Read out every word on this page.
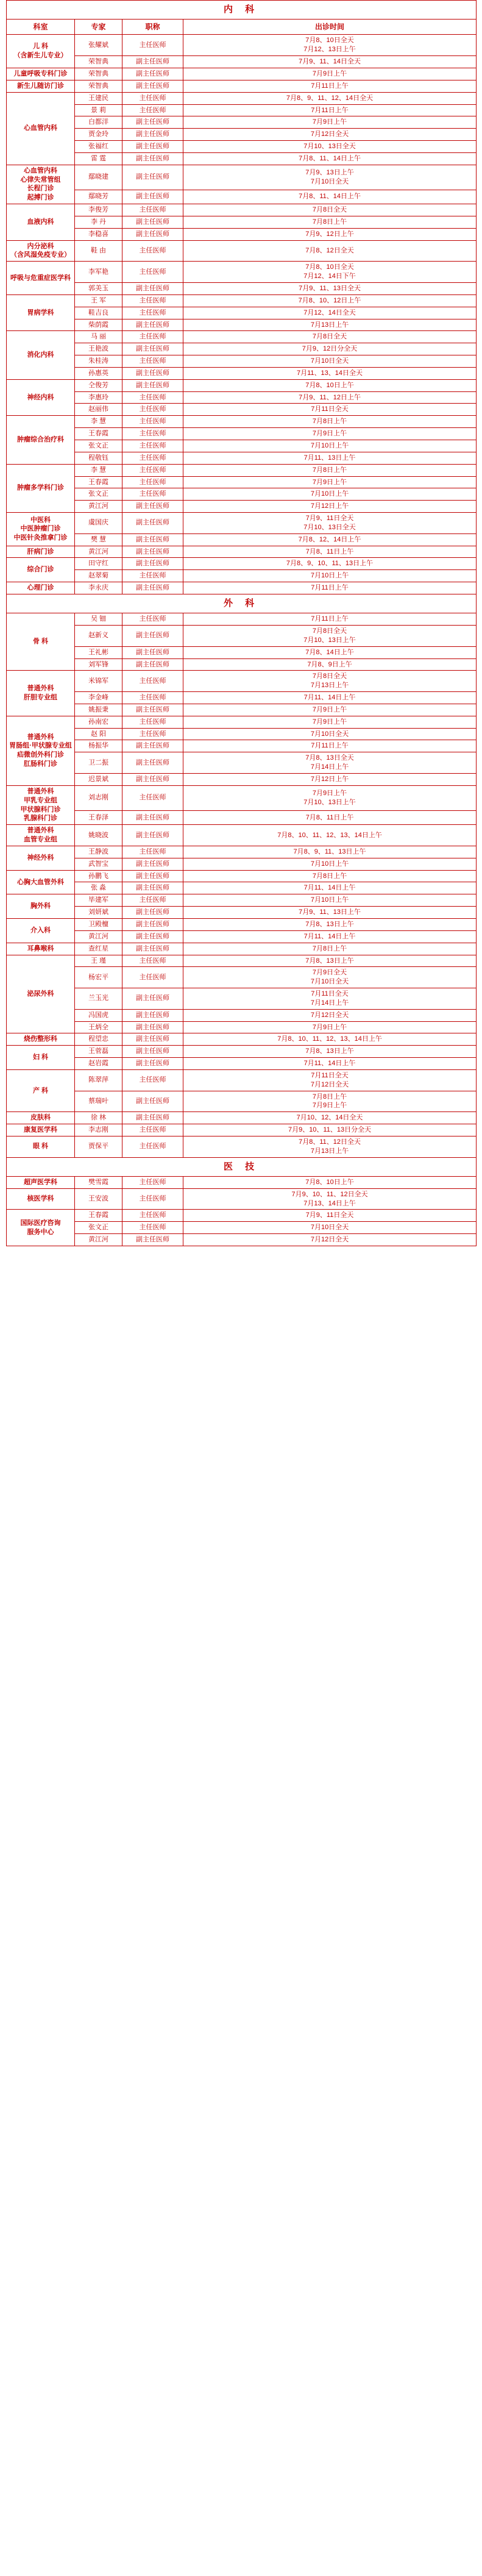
内 科			
科室	专家	职称	出诊时间

儿 科
（含新生儿专业）	张耀斌	主任医师	7月8、10日全天
7月12、13日上午

	荣智典	副主任医师	7月9、11、14日全天

儿童呼吸专科门诊	荣智典	副主任医师	7月9日上午

新生儿随访门诊	荣智典	副主任医师	7月11日上午

心血管内科	王建民	主任医师	7月8、9、11、12、14日全天

	景 莉	主任医师	7月11日上午

	白都洋	副主任医师	7月9日上午

	贾金玲	副主任医师	7月12日全天

	张福红	副主任医师	7月10、13日全天

	雷 霆	副主任医师	7月8、11、14日上午

心血管内科
心律失常管组
长程门诊
起搏门诊	鄢晓建	副主任医师	7月9、13日上午
7月10日全天

	鄢晓芳	副主任医师	7月8、11、14日上午

血液内科	李俊芳	主任医师	7月8日全天

	李 丹	副主任医师	7月8日上午

	李稳喜	副主任医师	7月9、12日上午

内分泌科
（含风湿免疫专业）	鞋 由	主任医师	7月8、12日全天

呼吸与危重症医学科	李军艳	主任医师	7月8、10日全天
7月12、14日下午

	郭美玉	副主任医师	7月9、11、13日全天

胃病学科	王 军	主任医师	7月8、10、12日上午

	鞋吉良	主任医师	7月12、14日全天

	柴荫霞	副主任医师	7月13日上午

消化内科	马 丽	主任医师	7月8日全天

	王艳波	副主任医师	7月9、12日分全天

	朱桂涛	主任医师	7月10日全天

	孙惠英	副主任医师	7月11、13、14日全天

神经内科	仝俊芳	副主任医师	7月8、10日上午

	李惠玲	主任医师	7月9、11、12日上午

	赵丽伟	主任医师	7月11日全天

肿瘤综合治疗科	李 慧	主任医师	7月8日上午

	王春霞	主任医师	7月9日上午

	张文正	主任医师	7月10日上午

	程敬钰	主任医师	7月11、13日上午

肿瘤多学科门诊	李 慧	主任医师	7月8日上午

	王春霞	主任医师	7月9日上午

	张文正	主任医师	7月10日上午

	黄江河	副主任医师	7月12日上午

中医科
中医肿瘤门诊
中医针灸推拿门诊	虞国庆	副主任医师	7月9、11日全天
7月10、13日全天

	樊 慧	副主任医师	7月8、12、14日上午

肝病门诊	黄江河	副主任医师	7月8、11日上午

综合门诊	田守红	副主任医师	7月8、9、10、11、13日上午

	赵翠菊	主任医师	7月10日上午

心理门诊	李永庆	副主任医师	7月11日上午

外 科			

骨 科	吴 钿	主任医师	7月11日上午

	赵新义	副主任医师	7月8日全天
7月10、13日上午

	王礼彬	副主任医师	7月8、14日上午

	刘军锋	副主任医师	7月8、9日上午

普通外科
肝胆专业组	米锦军	主任医师	7月8日全天
7月13日上午

	李金峰	主任医师	7月11、14日上午

	姚振秉	副主任医师	7月9日上午

普通外科
胃肠组·甲状腺专业组
疝微创外科门诊
肛肠科门诊	孙南宏	主任医师	7月9日上午

	赵 阳	主任医师	7月10日全天

	杨振华	副主任医师	7月11日上午

	卫二振	副主任医师	7月8、13日全天
7月14日上午

	迟景斌	副主任医师	7月12日上午

普通外科
甲乳专业组
甲状腺科门诊
乳腺科门诊	刘志刚	主任医师	7月9日上午
7月10、13日上午

	王春泽	副主任医师	7月8、11日上午

普通外科
血管专业组	姚晓波	副主任医师	7月8、10、11、12、13、14日上午

神经外科	王静波	主任医师	7月8、9、11、13日上午

	武智宝	副主任医师	7月10日上午

心胸大血管外科	孙鹏飞	副主任医师	7月8日上午

	张 淼	副主任医师	7月11、14日上午

胸外科	毕建军	主任医师	7月10日上午

	刘妍斌	副主任医师	7月9、11、13日上午

介入科	卫殿檀	副主任医师	7月8、13日上午

	黄江河	副主任医师	7月11、14日上午

耳鼻喉科	查红星	副主任医师	7月8日上午

泌尿外科	王 瑾	主任医师	7月8、13日上午

	杨宏平	主任医师	7月9日全天
7月10日全天

	兰玉光	副主任医师	7月11日全天
7月14日上午

	冯国虎	副主任医师	7月12日全天

	王炳全	副主任医师	7月9日上午

烧伤整形科	程望忠	副主任医师	7月8、10、11、12、13、14日上午

妇 科	王菅磊	副主任医师	7月8、13日上午

	赵岩霞	副主任医师	7月11、14日上午

产 科	陈翠萍	主任医师	7月11日全天
7月12日全天

	蔡瑞叶	副主任医师	7月8日上午
7月9日上午

皮肤科	徐 林	副主任医师	7月10、12、14日全天

康复医学科	李志刚	主任医师	7月9、10、11、13日分全天

眼 科	贾保平	主任医师	7月8、11、12日全天
7月13日上午

医 技			

超声医学科	樊雪霞	主任医师	7月8、10日上午

核医学科	王安波	主任医师	7月9、10、11、12日全天
7月13、14日上午

国际医疗咨询
服务中心	王春霞	主任医师	7月9、11日全天

	张文正	主任医师	7月10日全天

	黄江河	副主任医师	7月12日全天
